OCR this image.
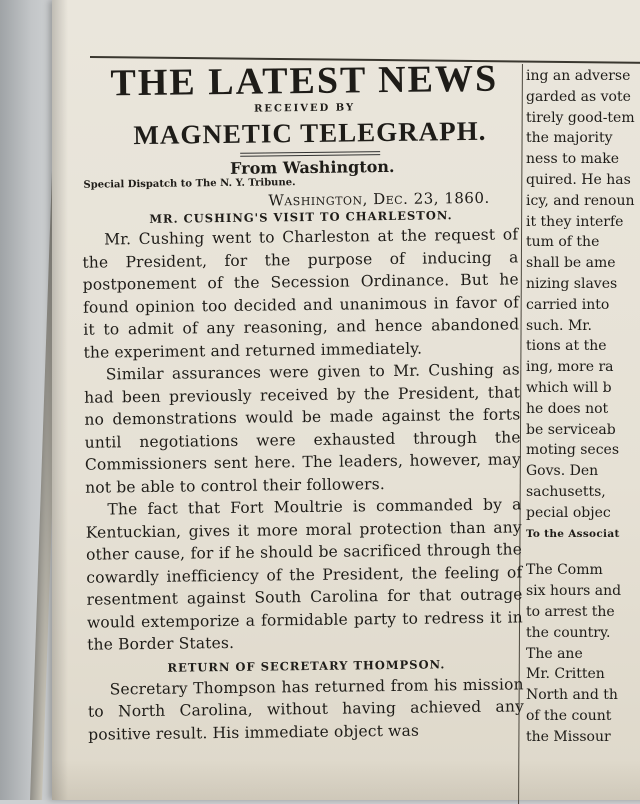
THE LATEST NEWS
RECEIVED BY
MAGNETIC TELEGRAPH.
From Washington.
Special Dispatch to The N. Y. Tribune.
Washington, Dec. 23, 1860.
MR. CUSHING'S VISIT TO CHARLESTON.

Mr. Cushing went to Charleston at the request of the President, for the purpose of inducing a postponement of the Secession Ordinance. But he found opinion too decided and unanimous in favor of it to admit of any reasoning, and hence abandoned the experiment and returned immediately.

Similar assurances were given to Mr. Cushing as had been previously received by the President, that no demonstrations would be made against the forts until negotiations were exhausted through the Commissioners sent here. The leaders, however, may not be able to control their followers.

The fact that Fort Moultrie is commanded by a Kentuckian, gives it more moral protection than any other cause, for if he should be sacrificed through the cowardly inefficiency of the President, the feeling of resentment against South Carolina for that outrage would extemporize a formidable party to redress it in the Border States.

RETURN OF SECRETARY THOMPSON.

Secretary Thompson has returned from his mission to North Carolina, without having achieved any positive result. His immediate object was

ing an adverse
garded as vote
tirely good-tem
the majority
ness to make
quired. He has
icy, and renoun
it they interfe
tum of the
shall be ame
nizing slaves
carried into
such. Mr.
tions at the
ing, more ra
which will b
he does not
be serviceab
moting seces
Govs. Den
sachusetts,
pecial objec
To the Associat
The Comm
six hours and
to arrest the
the country.
The ane
Mr. Critten
North and th
of the count
the Missour
